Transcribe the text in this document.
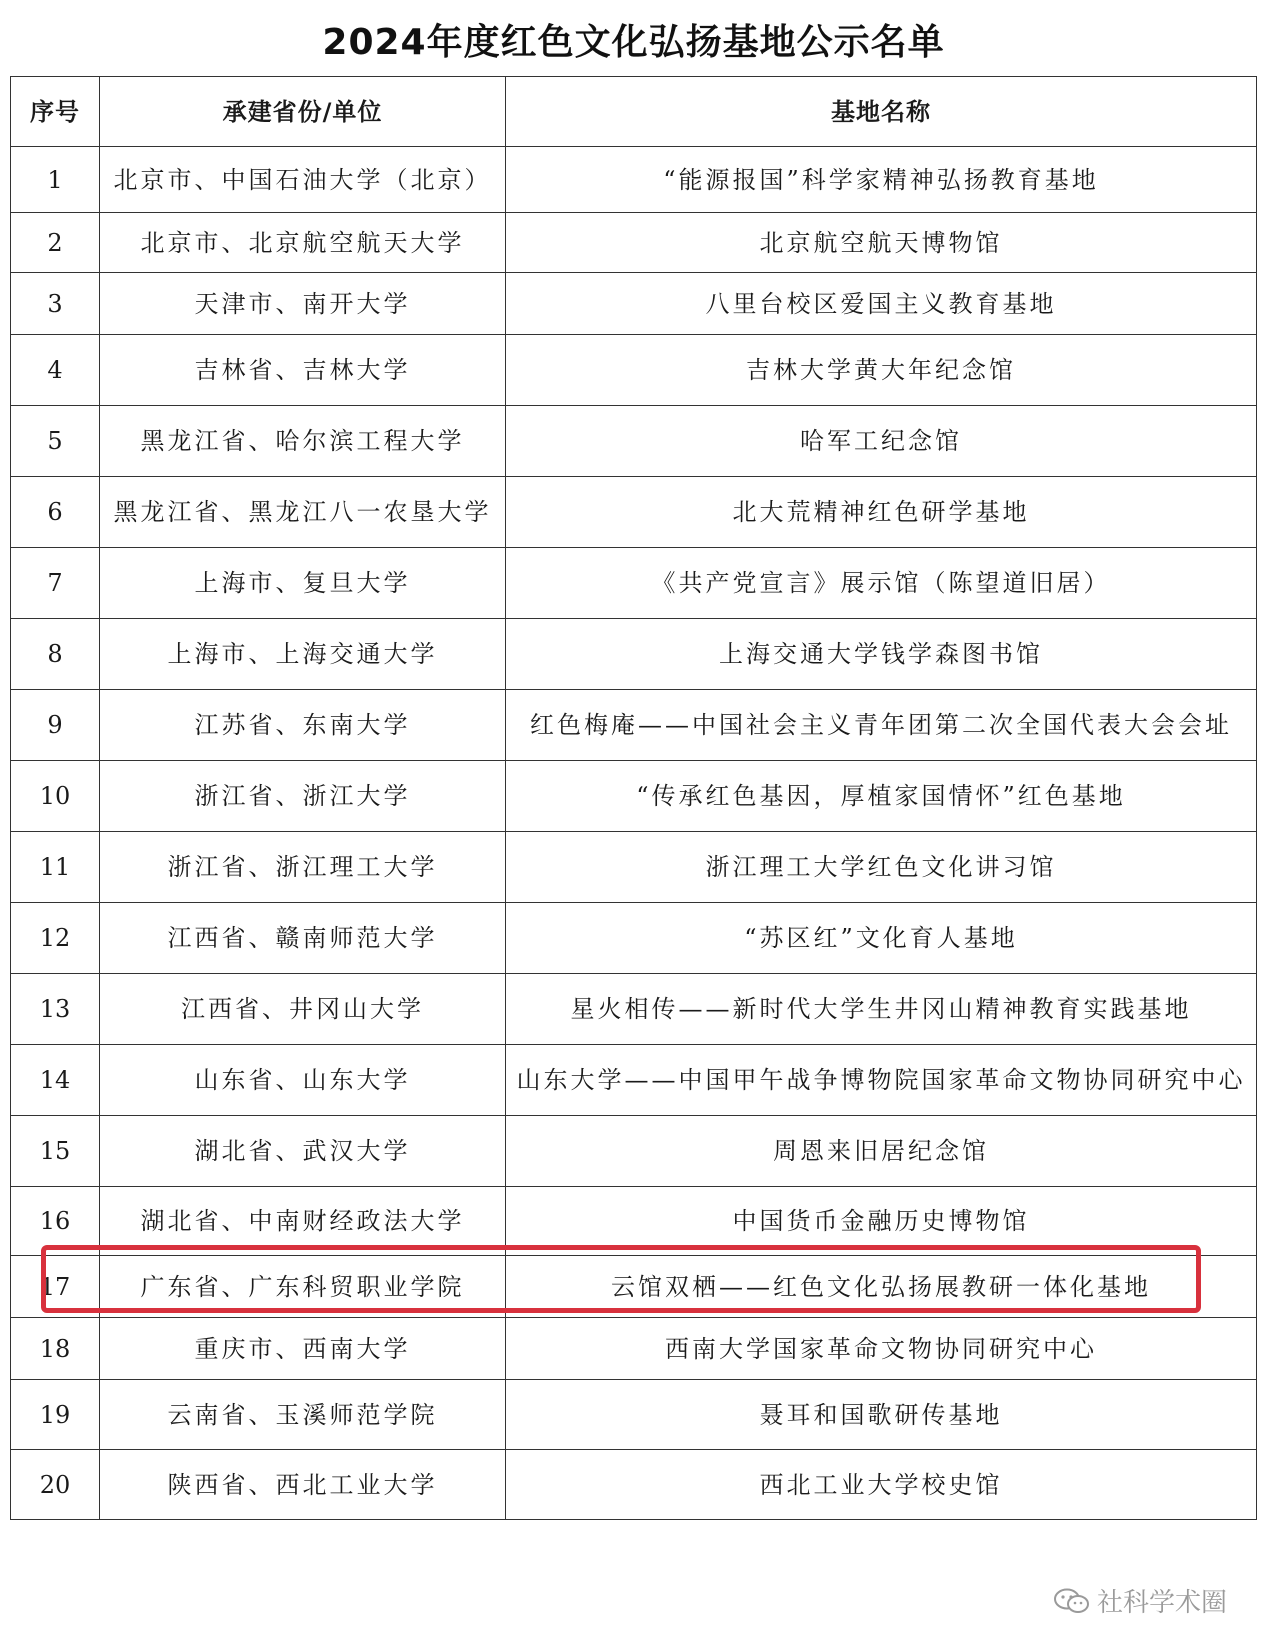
2024年度红色文化弘扬基地公示名单
序号	承建省份/单位	基地名称
1	北京市、中国石油大学（北京）	“能源报国”科学家精神弘扬教育基地
2	北京市、北京航空航天大学	北京航空航天博物馆
3	天津市、南开大学	八里台校区爱国主义教育基地
4	吉林省、吉林大学	吉林大学黄大年纪念馆
5	黑龙江省、哈尔滨工程大学	哈军工纪念馆
6	黑龙江省、黑龙江八一农垦大学	北大荒精神红色研学基地
7	上海市、复旦大学	《共产党宣言》展示馆（陈望道旧居）
8	上海市、上海交通大学	上海交通大学钱学森图书馆
9	江苏省、东南大学	红色梅庵——中国社会主义青年团第二次全国代表大会会址
10	浙江省、浙江大学	“传承红色基因，厚植家国情怀”红色基地
11	浙江省、浙江理工大学	浙江理工大学红色文化讲习馆
12	江西省、赣南师范大学	“苏区红”文化育人基地
13	江西省、井冈山大学	星火相传——新时代大学生井冈山精神教育实践基地
14	山东省、山东大学	山东大学——中国甲午战争博物院国家革命文物协同研究中心
15	湖北省、武汉大学	周恩来旧居纪念馆
16	湖北省、中南财经政法大学	中国货币金融历史博物馆
17	广东省、广东科贸职业学院	云馆双栖——红色文化弘扬展教研一体化基地
18	重庆市、西南大学	西南大学国家革命文物协同研究中心
19	云南省、玉溪师范学院	聂耳和国歌研传基地
20	陕西省、西北工业大学	西北工业大学校史馆
社科学术圈
